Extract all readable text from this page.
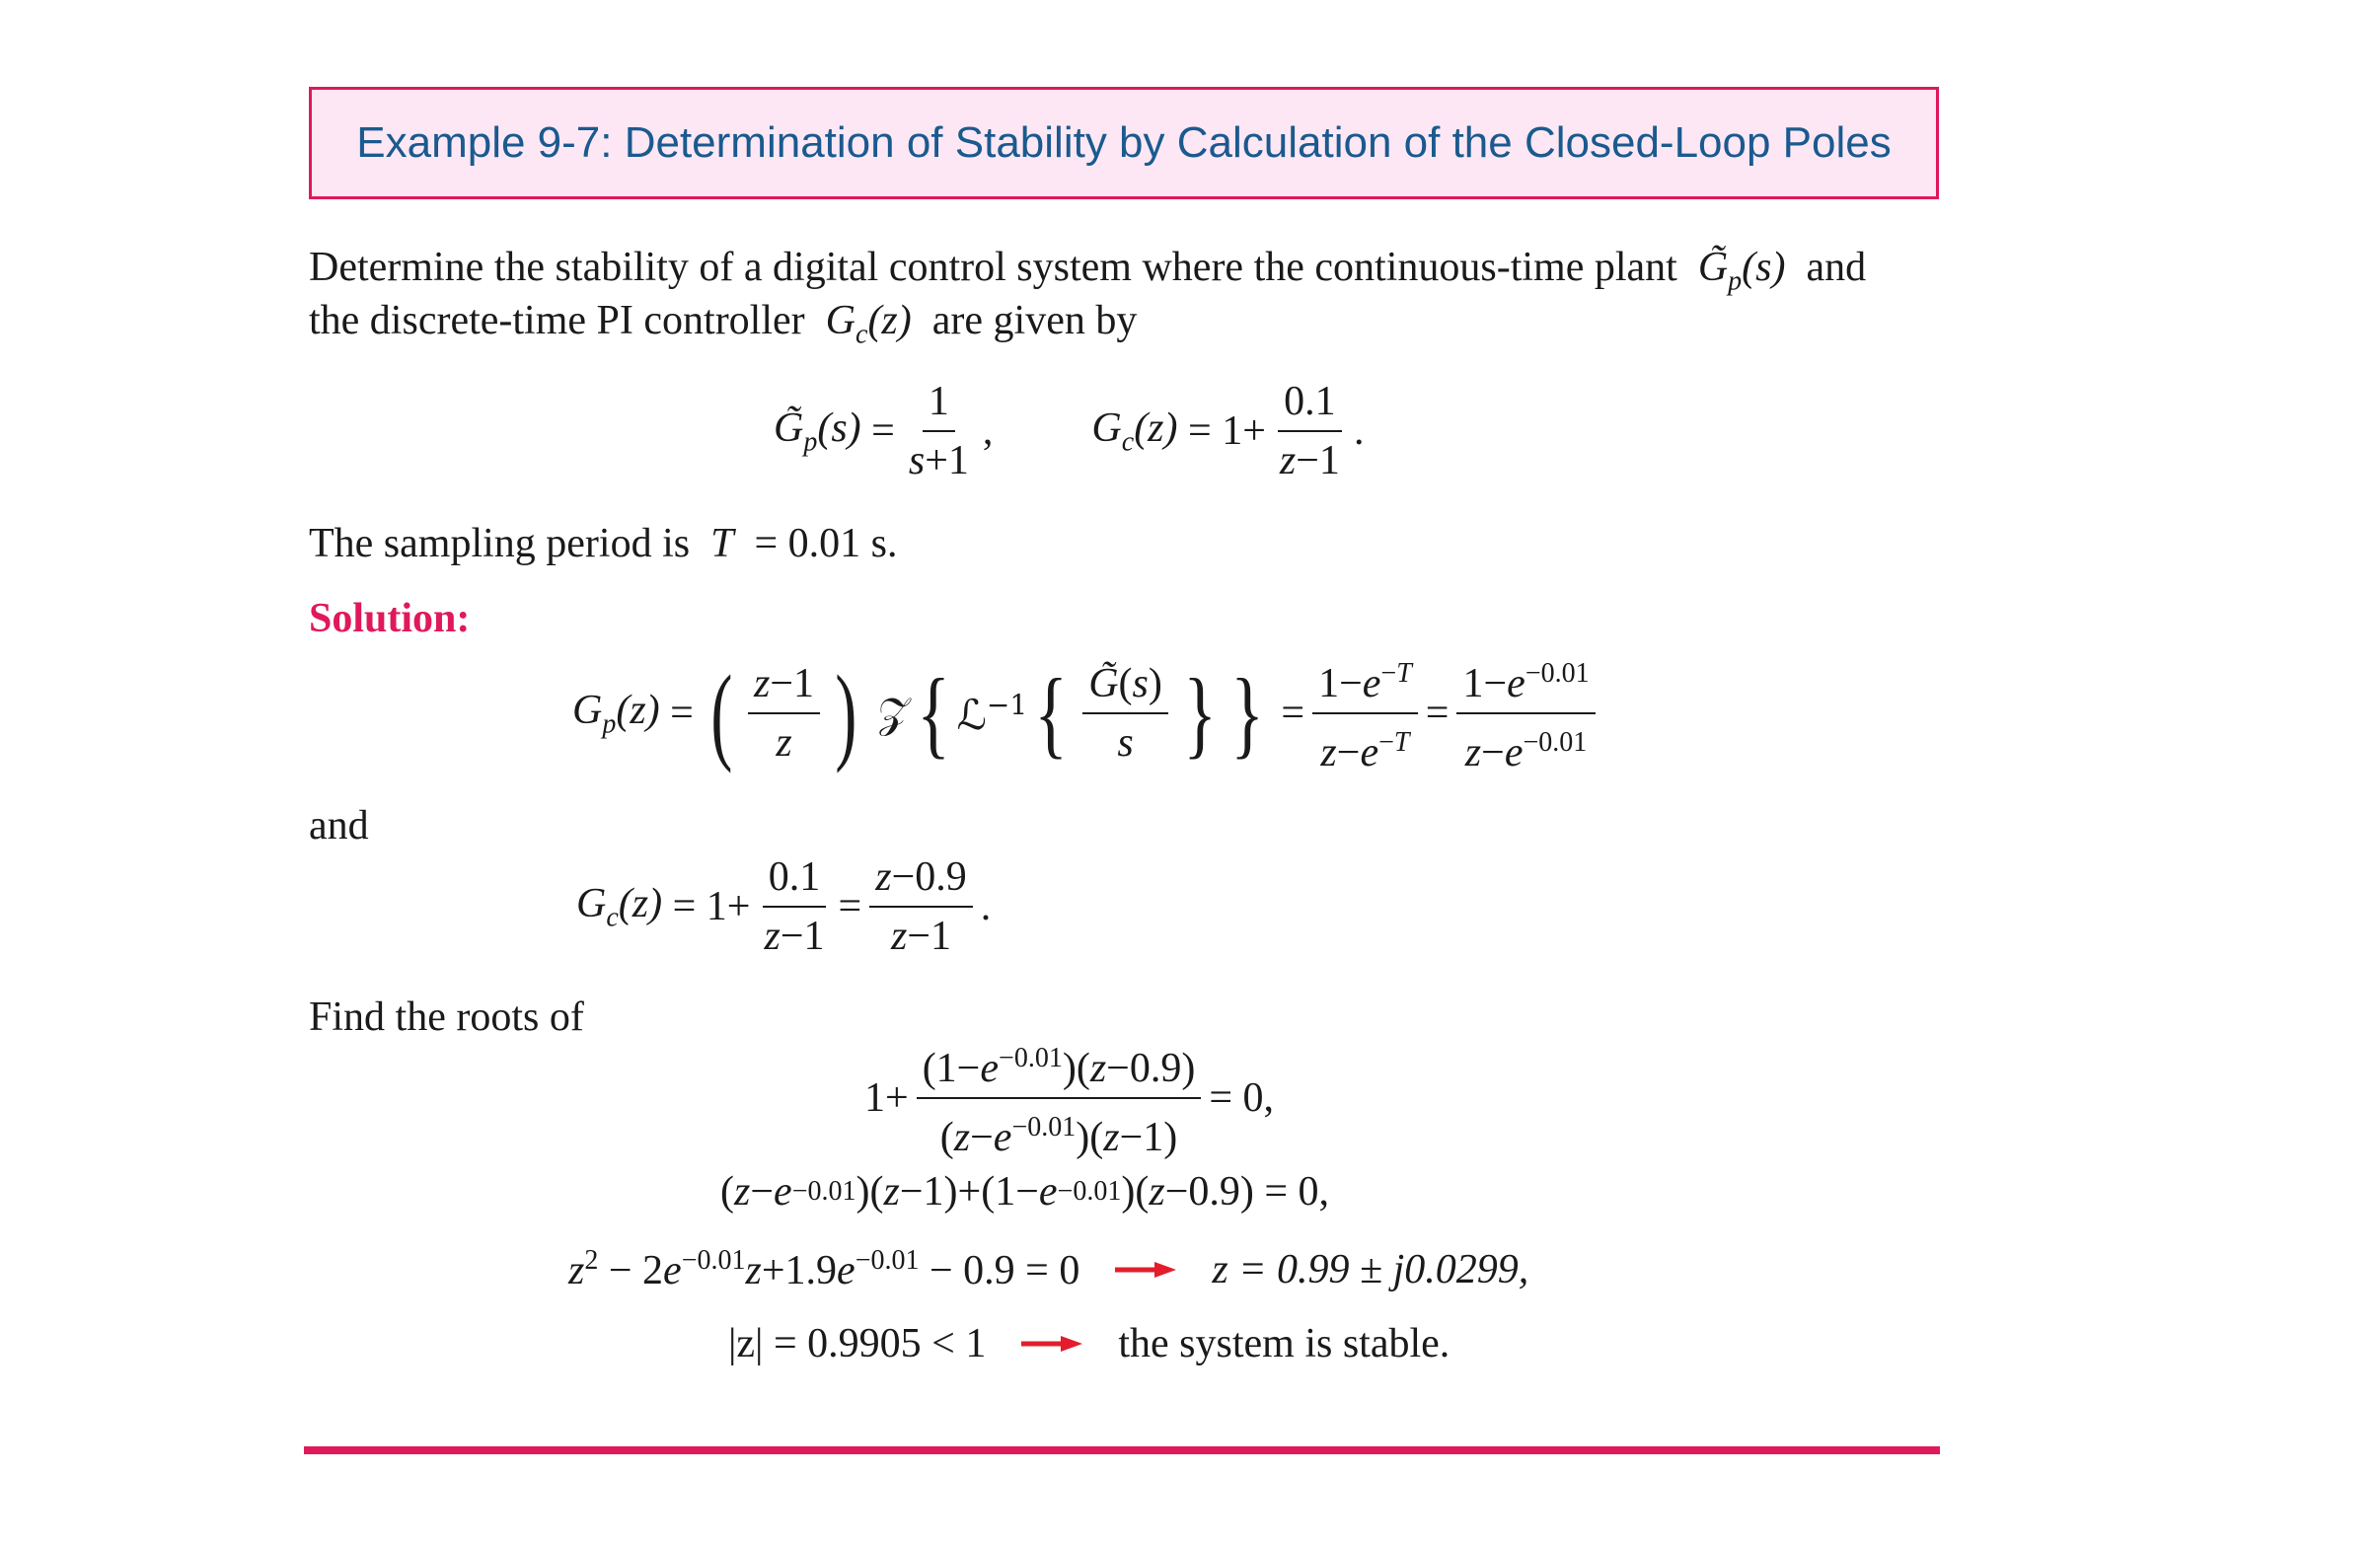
Example 9-7: Determination of Stability by Calculation of the Closed-Loop Poles
Determine the stability of a digital control system where the continuous-time plant  $G̃_p(s)$  and
the discrete-time PI controller  $G_c(z)$  are given by
$G̃_p(s) = \frac{1}{s+1}$ , $G_c(z) = 1+ \frac{0.1}{z-1}$ .
The sampling period is  T  = 0.01 s.
Solution:
$G_p(z)$ = ( $\frac{z-1}{z}$ ) 𝒵 { ℒ$^{-1}$ { $\frac{G̃(s)}{s}$ } } = $\frac{1-e^{-T}}{z-e^{-T}} = \frac{1-e^{-0.01}}{z-e^{-0.01}}$
and
$G_c(z) = 1+ \frac{0.1}{z-1} = \frac{z-0.9}{z-1}$ .
Find the roots of
$1+ \frac{(1-e^{-0.01})(z-0.9)}{(z-e^{-0.01})(z-1)} = 0$,
( z − e −0.01 )( z −1)+(1− e −0.01 )( z −0.9) = 0,
$z^2 - 2e^{-0.01}z+1.9e^{-0.01} - 0.9 = 0$	z = 0.99 ± j0.0299,
|z| = 0.9905 < 1	the system is stable.
